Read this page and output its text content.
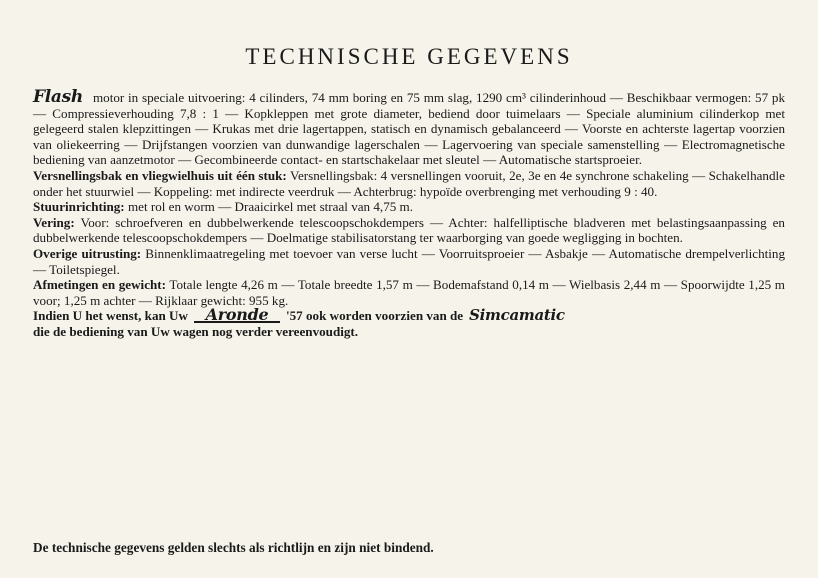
TECHNISCHE GEGEVENS

Flash motor in speciale uitvoering: 4 cilinders, 74 mm boring en 75 mm slag, 1290 cm³ cilinderinhoud — Beschikbaar vermogen: 57 pk — Compressieverhouding 7,8 : 1 — Kopkleppen met grote diameter, bediend door tuimelaars — Speciale aluminium cilinderkop met gelegeerd stalen klepzittingen — Krukas met drie lagertappen, statisch en dynamisch gebalanceerd — Voorste en achterste lagertap voorzien van oliekeerring — Drijfstangen voorzien van dunwandige lagerschalen — Lagervoering van speciale samenstelling — Electromagnetische bediening van aanzetmotor — Gecombineerde contact- en startschakelaar met sleutel — Automatische startsproeier.

Versnellingsbak en vliegwielhuis uit één stuk: Versnellingsbak: 4 versnellingen vooruit, 2e, 3e en 4e synchrone schakeling — Schakelhandle onder het stuurwiel — Koppeling: met indirecte veerdruk — Achterbrug: hypoïde overbrenging met verhouding 9 : 40.

Stuurinrichting: met rol en worm — Draaicirkel met straal van 4,75 m.

Vering: Voor: schroefveren en dubbelwerkende telescoopschokdempers — Achter: halfelliptische bladveren met belastingsaanpassing en dubbelwerkende telescoopschokdempers — Doelmatige stabilisatorstang ter waarborging van goede wegligging in bochten.

Overige uitrusting: Binnenklimaatregeling met toevoer van verse lucht — Voorruitsproeier — Asbakje — Automatische drempelverlichting — Toiletspiegel.

Afmetingen en gewicht: Totale lengte 4,26 m — Totale breedte 1,57 m — Bodemafstand 0,14 m — Wielbasis 2,44 m — Spoorwijdte 1,25 m voor; 1,25 m achter — Rijklaar gewicht: 955 kg.

Indien U het wenst, kan Uw Aronde '57 ook worden voorzien van de Simcamatic
die de bediening van Uw wagen nog verder vereenvoudigt.

De technische gegevens gelden slechts als richtlijn en zijn niet bindend.
